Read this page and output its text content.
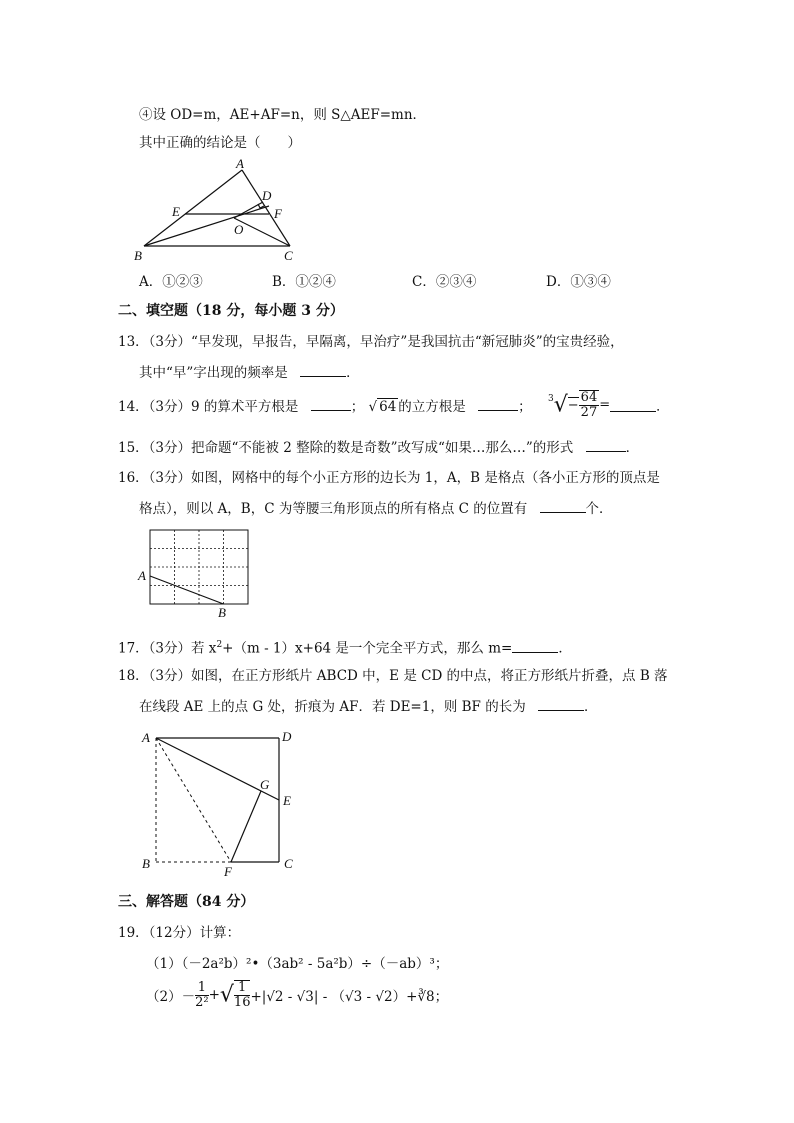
④设 OD=m，AE+AF=n，则 S△AEF=mn．
其中正确的结论是（　　）
A
B	C
D
E	F
O
A．①②③	B．①②④	C．②③④	D．①③④
二、填空题（18 分，每小题 3 分）
13．（3分）“早发现，早报告，早隔离，早治疗”是我国抗击“新冠肺炎”的宝贵经验，
其中“早”字出现的频率是	．
14．（3分）9 的算术平方根是	； √ 64 的立方根是	； $^3√- \frac{64}{27}$ =	．
15．（3分）把命题“不能被 2 整除的数是奇数”改写成“如果…那么…”的形式	．
16．（3分）如图，网格中的每个小正方形的边长为 1，A，B 是格点（各小正方形的顶点是
格点），则以 A，B，C 为等腰三角形顶点的所有格点 C 的位置有	个．
A
B
17．（3分）若 $x^2+(m - 1)x+64$ 是一个完全平方式，那么 m=	．
18．（3分）如图，在正方形纸片 ABCD 中，E 是 CD 的中点，将正方形纸片折叠，点 B 落
在线段 AE 上的点 G 处，折痕为 AF．若 DE=1，则 BF 的长为	．
A
B	C
D
E
F
G
三、解答题（84 分）
19．（12分）计算：
（1）（－2a²b）²•（3ab² - 5a²b）÷（－ab）³；
$(2)- \frac{1}{\text{2²}}$ +√ $\frac{1}{16} +|√2 - √3| - (√3$ - √2）+∛8；
